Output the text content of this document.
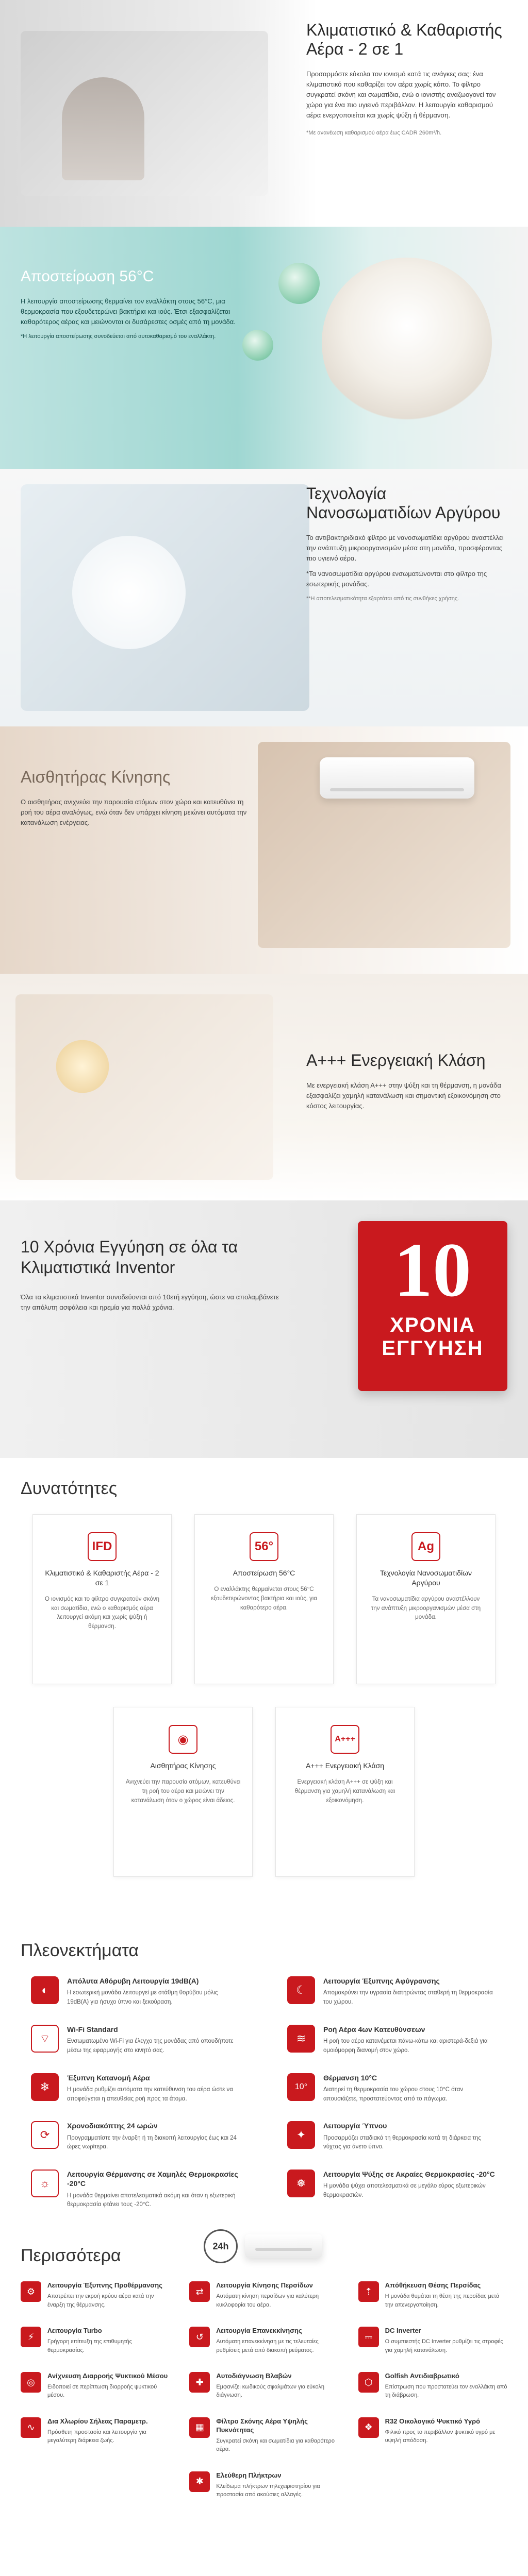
Κλιματιστικό & Καθαριστής Αέρα - 2 σε 1

Προσαρμόστε εύκολα τον ιονισμό κατά τις ανάγκες σας: ένα κλιματιστικό που καθαρίζει τον αέρα χωρίς κόπο. Το φίλτρο συγκρατεί σκόνη και σωματίδια, ενώ ο ιονιστής αναζωογονεί τον χώρο για ένα πιο υγιεινό περιβάλλον. Η λειτουργία καθαρισμού αέρα ενεργοποιείται και χωρίς ψύξη ή θέρμανση.

*Με ανανέωση καθαρισμού αέρα έως CADR 260m³/h.

Αποστείρωση 56°C

Η λειτουργία αποστείρωσης θερμαίνει τον εναλλάκτη στους 56°C, μια θερμοκρασία που εξουδετερώνει βακτήρια και ιούς. Έτσι εξασφαλίζεται καθαρότερος αέρας και μειώνονται οι δυσάρεστες οσμές από τη μονάδα.

*Η λειτουργία αποστείρωσης συνοδεύεται από αυτοκαθαρισμό του εναλλάκτη.

Τεχνολογία Νανοσωματιδίων Αργύρου

Το αντιβακτηριδιακό φίλτρο με νανοσωματίδια αργύρου αναστέλλει την ανάπτυξη μικροοργανισμών μέσα στη μονάδα, προσφέροντας πιο υγιεινό αέρα.

*Τα νανοσωματίδια αργύρου ενσωματώνονται στο φίλτρο της εσωτερικής μονάδας.

**Η αποτελεσματικότητα εξαρτάται από τις συνθήκες χρήσης.

Αισθητήρας Κίνησης

Ο αισθητήρας ανιχνεύει την παρουσία ατόμων στον χώρο και κατευθύνει τη ροή του αέρα αναλόγως, ενώ όταν δεν υπάρχει κίνηση μειώνει αυτόματα την κατανάλωση ενέργειας.

Α+++ Ενεργειακή Κλάση

Με ενεργειακή κλάση Α+++ στην ψύξη και τη θέρμανση, η μονάδα εξασφαλίζει χαμηλή κατανάλωση και σημαντική εξοικονόμηση στο κόστος λειτουργίας.

10 Χρόνια Εγγύηση σε όλα τα Κλιματιστικά Inventor

Όλα τα κλιματιστικά Inventor συνοδεύονται από 10ετή εγγύηση, ώστε να απολαμβάνετε την απόλυτη ασφάλεια και ηρεμία για πολλά χρόνια.	10
ΧΡΟΝΙΑ
ΕΓΓΥΗΣΗ
Δυνατότητες
IFD
Κλιματιστικό & Καθαριστής Αέρα - 2 σε 1

Ο ιονισμός και το φίλτρο συγκρατούν σκόνη και σωματίδια, ενώ ο καθαρισμός αέρα λειτουργεί ακόμη και χωρίς ψύξη ή θέρμανση.

56°
Αποστείρωση 56°C

Ο εναλλάκτης θερμαίνεται στους 56°C εξουδετερώνοντας βακτήρια και ιούς, για καθαρότερο αέρα.

Ag
Τεχνολογία Νανοσωματιδίων Αργύρου

Τα νανοσωματίδια αργύρου αναστέλλουν την ανάπτυξη μικροοργανισμών μέσα στη μονάδα.

◉
Αισθητήρας Κίνησης

Ανιχνεύει την παρουσία ατόμων, κατευθύνει τη ροή του αέρα και μειώνει την κατανάλωση όταν ο χώρος είναι άδειος.

A+++
Α+++ Ενεργειακή Κλάση

Ενεργειακή κλάση Α+++ σε ψύξη και θέρμανση για χαμηλή κατανάλωση και εξοικονόμηση.

Πλεονεκτήματα
◐
Απόλυτα Αθόρυβη Λειτουργία 19dB(A)

Η εσωτερική μονάδα λειτουργεί με στάθμη θορύβου μόλις 19dB(A) για ήσυχο ύπνο και ξεκούραση.

☾
Λειτουργία Έξυπνης Αφύγρανσης

Απομακρύνει την υγρασία διατηρώντας σταθερή τη θερμοκρασία του χώρου.

⌔
Wi-Fi Standard

Ενσωματωμένο Wi-Fi για έλεγχο της μονάδας από οπουδήποτε μέσω της εφαρμογής στο κινητό σας.

≋
Ροή Αέρα 4ων Κατευθύνσεων

Η ροή του αέρα κατανέμεται πάνω-κάτω και αριστερά-δεξιά για ομοιόμορφη διανομή στον χώρο.

❄
Έξυπνη Κατανομή Αέρα

Η μονάδα ρυθμίζει αυτόματα την κατεύθυνση του αέρα ώστε να αποφεύγεται η απευθείας ροή προς τα άτομα.

10°
Θέρμανση 10°C

Διατηρεί τη θερμοκρασία του χώρου στους 10°C όταν απουσιάζετε, προστατεύοντας από το πάγωμα.

⟳
Χρονοδιακόπτης 24 ωρών

Προγραμματίστε την έναρξη ή τη διακοπή λειτουργίας έως και 24 ώρες νωρίτερα.

✦
Λειτουργία Ύπνου

Προσαρμόζει σταδιακά τη θερμοκρασία κατά τη διάρκεια της νύχτας για άνετο ύπνο.

☼
Λειτουργία Θέρμανσης σε Χαμηλές Θερμοκρασίες -20°C

Η μονάδα θερμαίνει αποτελεσματικά ακόμη και όταν η εξωτερική θερμοκρασία φτάνει τους -20°C.

❅
Λειτουργία Ψύξης σε Ακραίες Θερμοκρασίες -20°C

Η μονάδα ψύχει αποτελεσματικά σε μεγάλο εύρος εξωτερικών θερμοκρασιών.

24h
Περισσότερα
⚙
Λειτουργία Έξυπνης Προθέρμανσης

Αποτρέπει την εκροή κρύου αέρα κατά την έναρξη της θέρμανσης.

⇄
Λειτουργία Κίνησης Περσίδων

Αυτόματη κίνηση περσίδων για καλύτερη κυκλοφορία του αέρα.

⇡
Απόθήκευση Θέσης Περσίδας

Η μονάδα θυμάται τη θέση της περσίδας μετά την απενεργοποίηση.

⚡
Λειτουργία Turbo

Γρήγορη επίτευξη της επιθυμητής θερμοκρασίας.

↺
Λειτουργία Επανεκκίνησης

Αυτόματη επανεκκίνηση με τις τελευταίες ρυθμίσεις μετά από διακοπή ρεύματος.

⎓
DC Inverter

Ο συμπιεστής DC Inverter ρυθμίζει τις στροφές για χαμηλή κατανάλωση.

◎
Ανίχνευση Διαρροής Ψυκτικού Μέσου

Ειδοποιεί σε περίπτωση διαρροής ψυκτικού μέσου.

✚
Αυτοδιάγνωση Βλαβών

Εμφανίζει κωδικούς σφαλμάτων για εύκολη διάγνωση.

⬡
Golfish Αντιδιαβρωτικό

Επίστρωση που προστατεύει τον εναλλάκτη από τη διάβρωση.

∿
Δια Χλωρίου Σήλεας Παραμετρ.

Πρόσθετη προστασία και λειτουργία για μεγαλύτερη διάρκεια ζωής.

▦
Φίλτρο Σκόνης Αέρα Υψηλής Πυκνότητας

Συγκρατεί σκόνη και σωματίδια για καθαρότερο αέρα.

❖
R32 Οικολογικό Ψυκτικό Υγρό

Φιλικό προς το περιβάλλον ψυκτικό υγρό με υψηλή απόδοση.

✱
Ελεύθερη Πλήκτρων

Κλείδωμα πλήκτρων τηλεχειριστηρίου για προστασία από ακούσιες αλλαγές.
